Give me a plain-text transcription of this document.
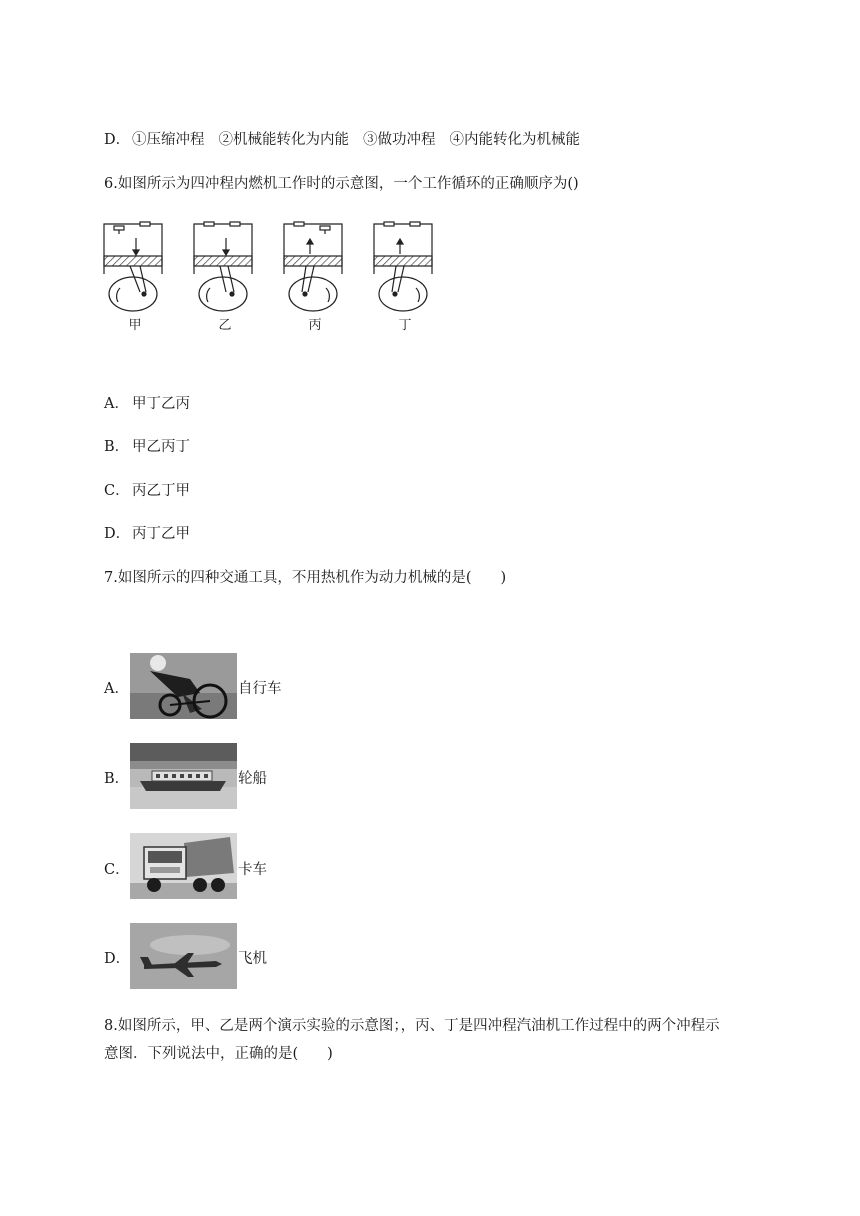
D． ①压缩冲程 ②机械能转化为内能 ③做功冲程 ④内能转化为机械能
6.如图所示为四冲程内燃机工作时的示意图，一个工作循环的正确顺序为()
甲	乙	丙	丁
A． 甲丁乙丙
B． 甲乙丙丁
C． 丙乙丁甲
D． 丙丁乙甲
7.如图所示的四种交通工具，不用热机作为动力机械的是(　　)
A．	自行车
B．	轮船
C．	卡车
D．	飞机
8.如图所示，甲、乙是两个演示实验的示意图；，丙、丁是四冲程汽油机工作过程中的两个冲程示
意图．下列说法中，正确的是(　　)
